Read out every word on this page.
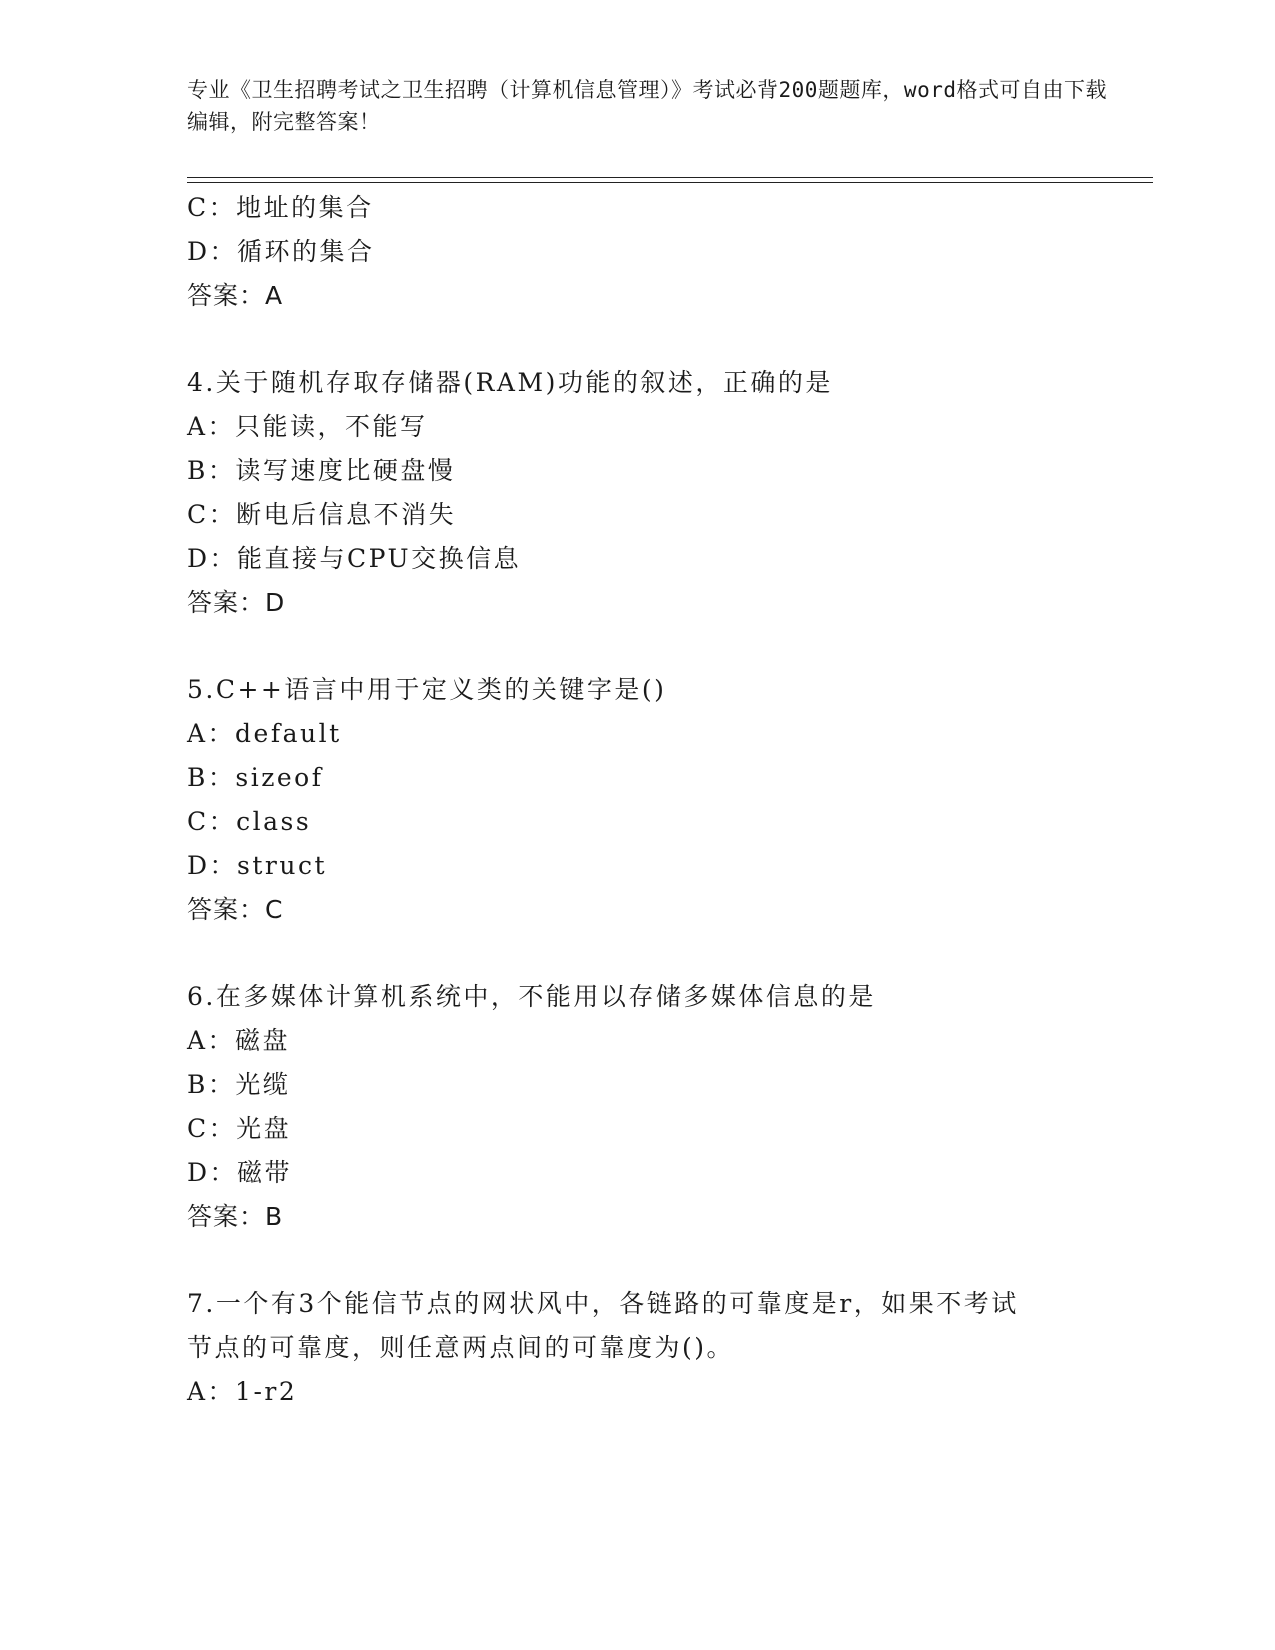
专业《卫生招聘考试之卫生招聘（计算机信息管理）》考试必背200题题库，word格式可自由下载编辑，附完整答案！
C：地址的集合
D：循环的集合
答案：A
4.关于随机存取存储器(RAM)功能的叙述，正确的是
A：只能读，不能写
B：读写速度比硬盘慢
C：断电后信息不消失
D：能直接与CPU交换信息
答案：D
5.C++语言中用于定义类的关键字是()
A：default
B：sizeof
C：class
D：struct
答案：C
6.在多媒体计算机系统中，不能用以存储多媒体信息的是
A：磁盘
B：光缆
C：光盘
D：磁带
答案：B
7.一个有3个能信节点的网状风中，各链路的可靠度是r，如果不考试
节点的可靠度，则任意两点间的可靠度为()。
A：1-r2
